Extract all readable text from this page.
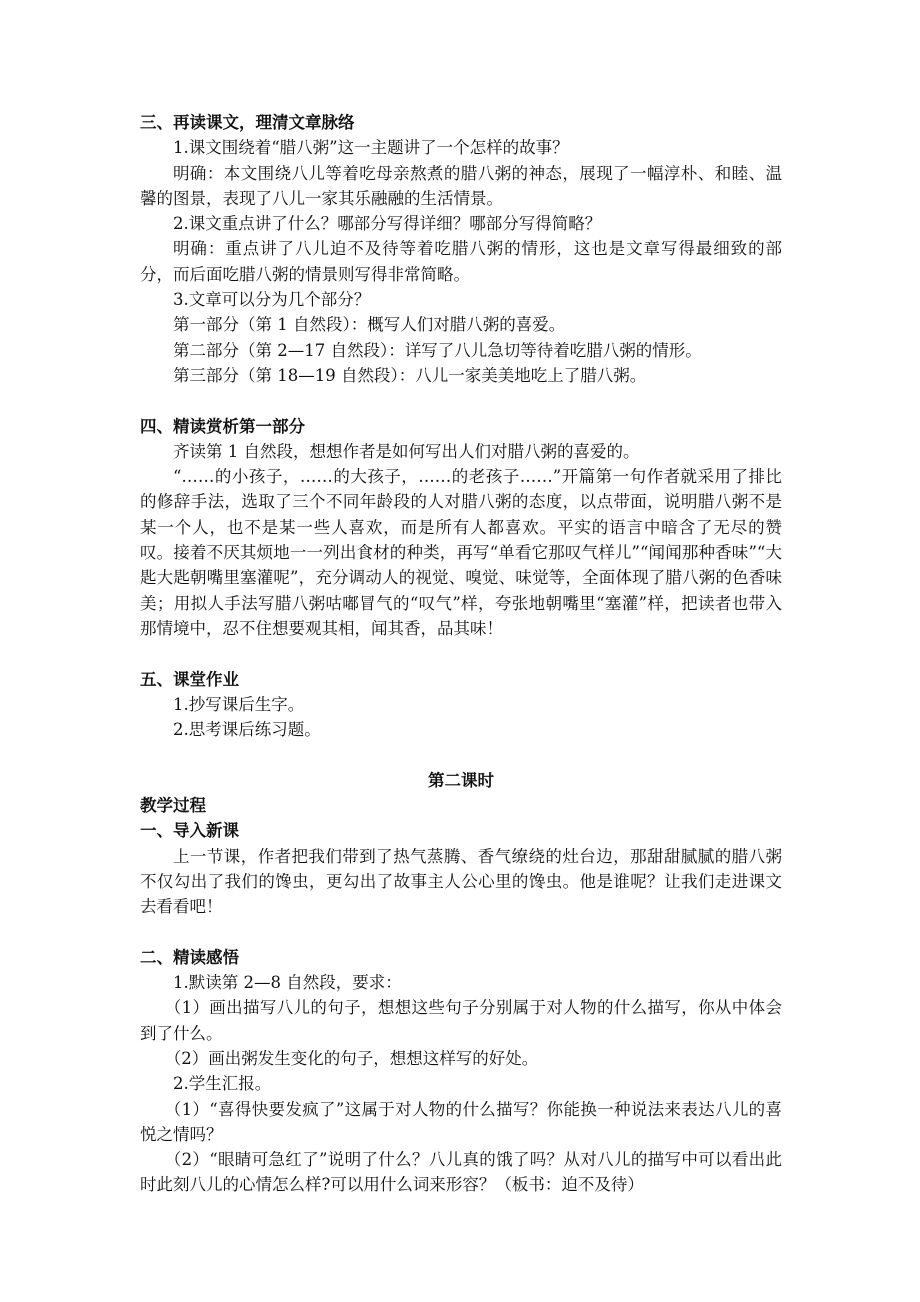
三、再读课文，理清文章脉络

1.课文围绕着“腊八粥”这一主题讲了一个怎样的故事？

明确：本文围绕八儿等着吃母亲熬煮的腊八粥的神态，展现了一幅淳朴、和睦、温馨的图景，表现了八儿一家其乐融融的生活情景。

2.课文重点讲了什么？哪部分写得详细？哪部分写得简略？

明确：重点讲了八儿迫不及待等着吃腊八粥的情形，这也是文章写得最细致的部分，而后面吃腊八粥的情景则写得非常简略。

3.文章可以分为几个部分？

第一部分（第 1 自然段）：概写人们对腊八粥的喜爱。

第二部分（第 2—17 自然段）：详写了八儿急切等待着吃腊八粥的情形。

第三部分（第 18—19 自然段）：八儿一家美美地吃上了腊八粥。

四、精读赏析第一部分

齐读第 1 自然段，想想作者是如何写出人们对腊八粥的喜爱的。

“……的小孩子，……的大孩子，……的老孩子……”开篇第一句作者就采用了排比的修辞手法，选取了三个不同年龄段的人对腊八粥的态度，以点带面，说明腊八粥不是某一个人，也不是某一些人喜欢，而是所有人都喜欢。平实的语言中暗含了无尽的赞叹。接着不厌其烦地一一列出食材的种类，再写“单看它那叹气样儿”“闻闻那种香味”“大匙大匙朝嘴里塞灌呢”，充分调动人的视觉、嗅觉、味觉等，全面体现了腊八粥的色香味美；用拟人手法写腊八粥咕嘟冒气的“叹气”样，夸张地朝嘴里“塞灌”样，把读者也带入那情境中，忍不住想要观其相，闻其香，品其味！

五、课堂作业

1.抄写课后生字。

2.思考课后练习题。

第二课时
教学过程
一、导入新课

上一节课，作者把我们带到了热气蒸腾、香气缭绕的灶台边，那甜甜腻腻的腊八粥不仅勾出了我们的馋虫，更勾出了故事主人公心里的馋虫。他是谁呢？让我们走进课文去看看吧！

二、精读感悟

1.默读第 2—8 自然段，要求：

（1）画出描写八儿的句子，想想这些句子分别属于对人物的什么描写，你从中体会到了什么。

（2）画出粥发生变化的句子，想想这样写的好处。

2.学生汇报。

（1）“喜得快要发疯了”这属于对人物的什么描写？你能换一种说法来表达八儿的喜悦之情吗？

（2）“眼睛可急红了”说明了什么？八儿真的饿了吗？从对八儿的描写中可以看出此时此刻八儿的心情怎么样?可以用什么词来形容？（板书：迫不及待）
